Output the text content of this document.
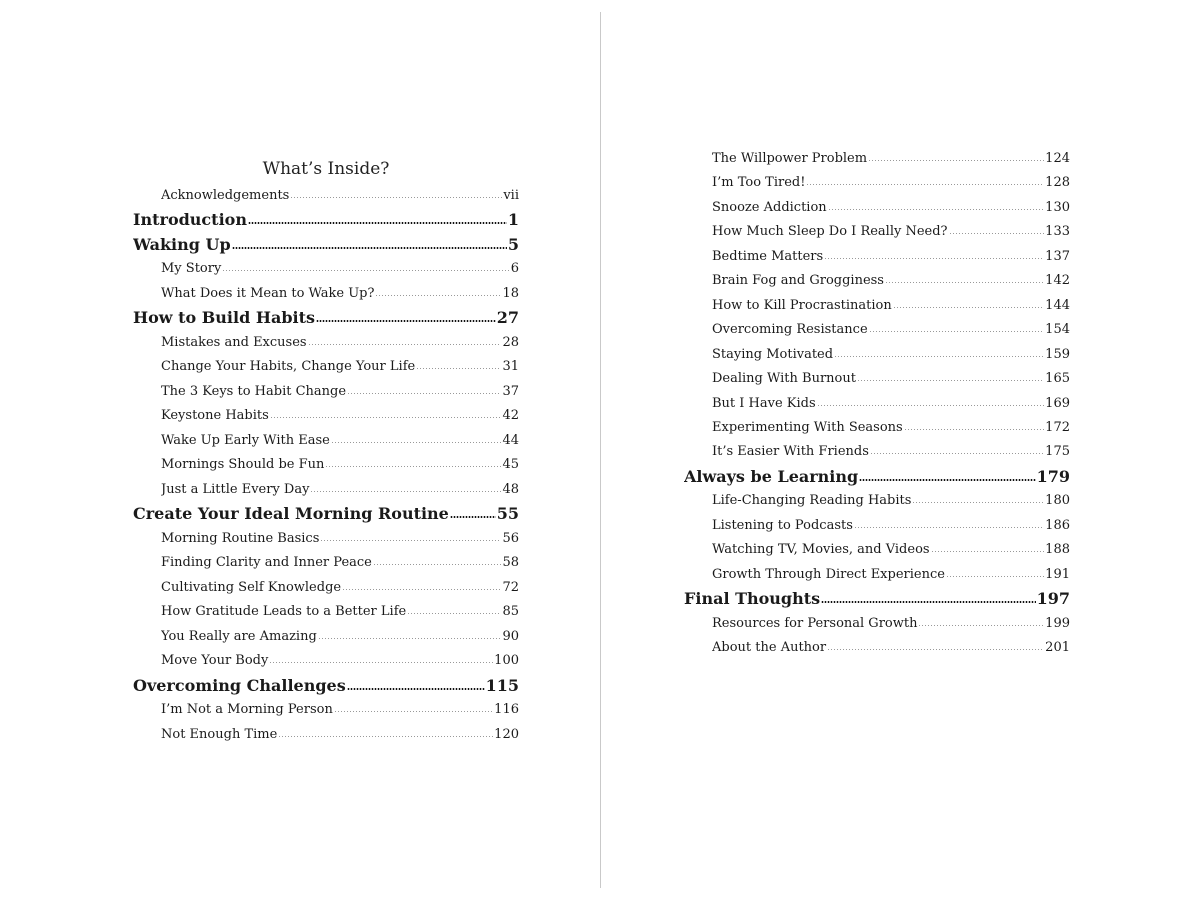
What’s Inside?
Acknowledgements	vii
Introduction	1
Waking Up	5
My Story	6
What Does it Mean to Wake Up?	18
How to Build Habits	27
Mistakes and Excuses	28
Change Your Habits, Change Your Life	31
The 3 Keys to Habit Change	37
Keystone Habits	42
Wake Up Early With Ease	44
Mornings Should be Fun	45
Just a Little Every Day	48
Create Your Ideal Morning Routine	55
Morning Routine Basics	56
Finding Clarity and Inner Peace	58
Cultivating Self Knowledge	72
How Gratitude Leads to a Better Life	85
You Really are Amazing	90
Move Your Body	100
Overcoming Challenges	115
I’m Not a Morning Person	116
Not Enough Time	120
The Willpower Problem	124
I’m Too Tired!	128
Snooze Addiction	130
How Much Sleep Do I Really Need?	133
Bedtime Matters	137
Brain Fog and Grogginess	142
How to Kill Procrastination	144
Overcoming Resistance	154
Staying Motivated	159
Dealing With Burnout	165
But I Have Kids	169
Experimenting With Seasons	172
It’s Easier With Friends	175
Always be Learning	179
Life-Changing Reading Habits	180
Listening to Podcasts	186
Watching TV, Movies, and Videos	188
Growth Through Direct Experience	191
Final Thoughts	197
Resources for Personal Growth	199
About the Author	201
